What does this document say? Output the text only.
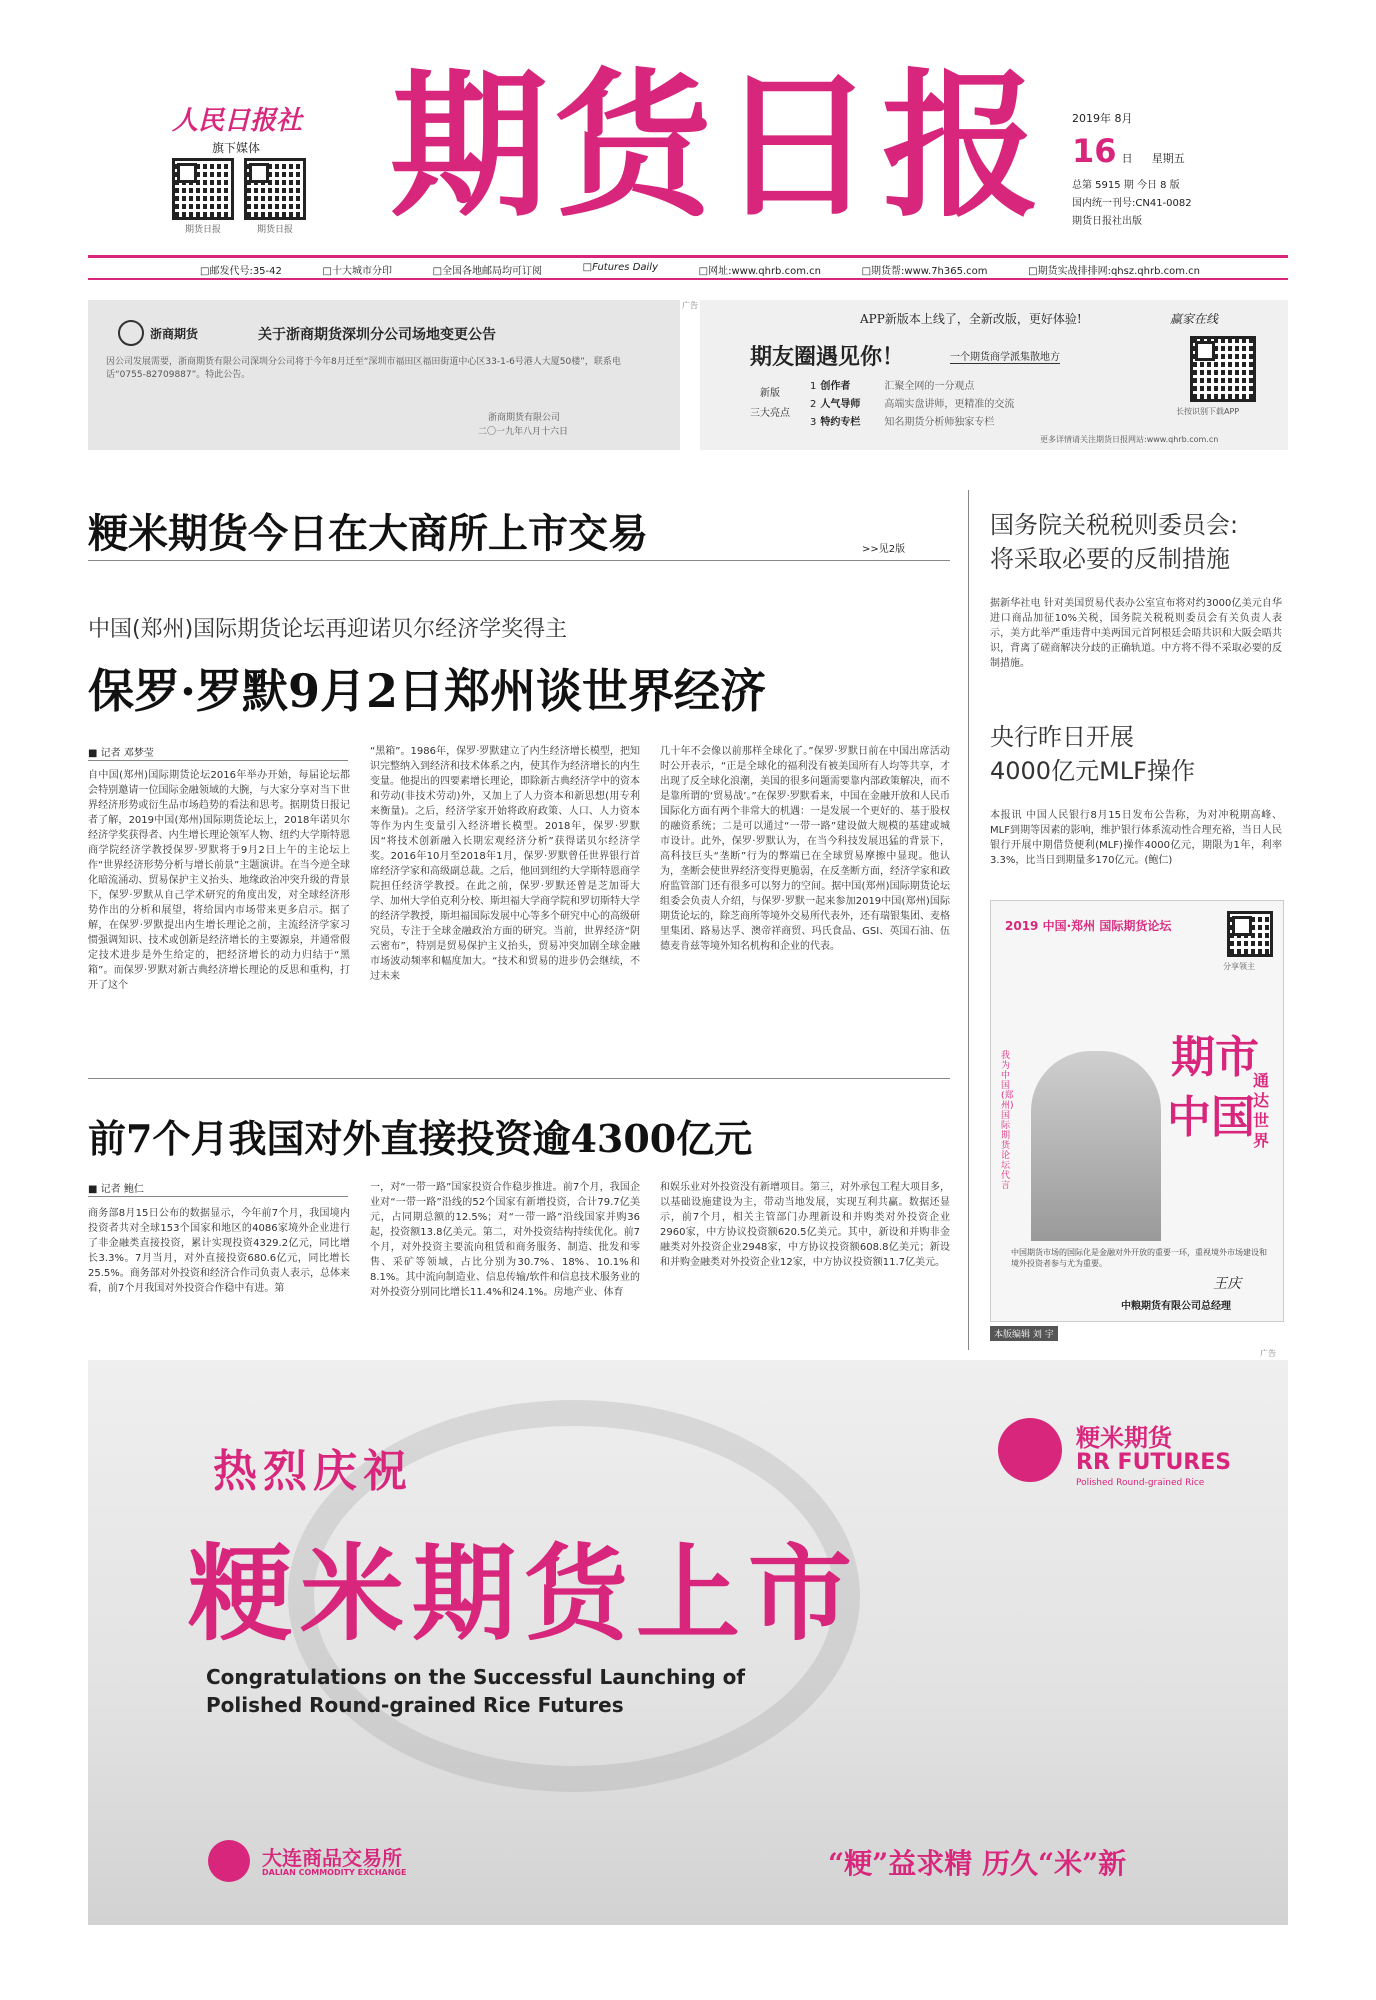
人民日报社
旗下媒体
期货日报	期货日报 期货日报 2019年 8月
16 日 星期五
总第 5915 期 今日 8 版
国内统一刊号:CN41-0082
期货日报社出版
□邮发代号:35-42	□十大城市分印	□全国各地邮局均可订阅	□Futures Daily	□网址:www.qhrb.com.cn	□期货帮:www.7h365.com	□期货实战排排网:qhsz.qhrb.com.cn
浙商期货	关于浙商期货深圳分公司场地变更公告
因公司发展需要，浙商期货有限公司深圳分公司将于今年8月迁至“深圳市福田区福田街道中心区33-1-6号港人大厦50楼”，联系电话“0755-82709887”。特此公告。
浙商期货有限公司
二〇一九年八月十六日
广告
APP新版本上线了，全新改版，更好体验!	赢家在线
期友圈遇见你！	一个期货商学派集散地方
新版
三大亮点
1 创作者	汇聚全网的一分观点
2 人气导师 高端实盘讲师，更精准的交流
3 特约专栏 知名期货分析师独家专栏
长按识别下载APP
更多详情请关注期货日报网站:www.qhrb.com.cn
粳米期货今日在大商所上市交易	>>见2版
中国(郑州)国际期货论坛再迎诺贝尔经济学奖得主
保罗·罗默9月2日郑州谈世界经济
■ 记者 邓梦莹
自中国(郑州)国际期货论坛2016年举办开始，每届论坛都会特别邀请一位国际金融领域的大腕，与大家分享对当下世界经济形势或衍生品市场趋势的看法和思考。据期货日报记者了解，2019中国(郑州)国际期货论坛上，2018年诺贝尔经济学奖获得者、内生增长理论领军人物、纽约大学斯特恩商学院经济学教授保罗·罗默将于9月2日上午的主论坛上作“世界经济形势分析与增长前景”主题演讲。在当今逆全球化暗流涌动、贸易保护主义抬头、地缘政治冲突升级的背景下，保罗·罗默从自己学术研究的角度出发，对全球经济形势作出的分析和展望，将给国内市场带来更多启示。据了解，在保罗·罗默提出内生增长理论之前，主流经济学家习惯强调知识、技术或创新是经济增长的主要源泉，并通常假定技术进步是外生给定的，把经济增长的动力归结于“黑箱”。而保罗·罗默对新古典经济增长理论的反思和重构，打开了这个
“黑箱”。1986年，保罗·罗默建立了内生经济增长模型，把知识完整纳入到经济和技术体系之内，使其作为经济增长的内生变量。他提出的四要素增长理论，即除新古典经济学中的资本和劳动(非技术劳动)外，又加上了人力资本和新思想(用专利来衡量)。之后，经济学家开始将政府政策、人口、人力资本等作为内生变量引入经济增长模型。2018年，保罗·罗默因“将技术创新融入长期宏观经济分析”获得诺贝尔经济学奖。2016年10月至2018年1月，保罗·罗默曾任世界银行首席经济学家和高级副总裁。之后，他回到纽约大学斯特恩商学院担任经济学教授。在此之前，保罗·罗默还曾是芝加哥大学、加州大学伯克利分校、斯坦福大学商学院和罗切斯特大学的经济学教授，斯坦福国际发展中心等多个研究中心的高级研究员，专注于全球金融政治方面的研究。当前，世界经济“阴云密布”，特别是贸易保护主义抬头，贸易冲突加剧全球金融市场波动频率和幅度加大。“技术和贸易的进步仍会继续，不过未来
几十年不会像以前那样全球化了。”保罗·罗默日前在中国出席活动时公开表示，“正是全球化的福利没有被美国所有人均等共享，才出现了反全球化浪潮，美国的很多问题需要靠内部政策解决，而不是靠所谓的‘贸易战’。”在保罗·罗默看来，中国在金融开放和人民币国际化方面有两个非常大的机遇：一是发展一个更好的、基于股权的融资系统；二是可以通过“一带一路”建设做大规模的基建或城市设计。此外，保罗·罗默认为，在当今科技发展迅猛的背景下，高科技巨头“垄断”行为的弊端已在全球贸易摩擦中显现。他认为，垄断会使世界经济变得更脆弱，在反垄断方面，经济学家和政府监管部门还有很多可以努力的空间。据中国(郑州)国际期货论坛组委会负责人介绍，与保罗·罗默一起来参加2019中国(郑州)国际期货论坛的，除芝商所等境外交易所代表外，还有瑞银集团、麦格里集团、路易达孚、澳帝祥商贸、玛氏食品、GSI、英国石油、伍德麦肯兹等境外知名机构和企业的代表。
前7个月我国对外直接投资逾4300亿元
■ 记者 鲍仁
商务部8月15日公布的数据显示，今年前7个月，我国境内投资者共对全球153个国家和地区的4086家境外企业进行了非金融类直接投资，累计实现投资4329.2亿元，同比增长3.3%。7月当月，对外直接投资680.6亿元，同比增长25.5%。商务部对外投资和经济合作司负责人表示，总体来看，前7个月我国对外投资合作稳中有进。第
一，对“一带一路”国家投资合作稳步推进。前7个月，我国企业对“一带一路”沿线的52个国家有新增投资，合计79.7亿美元，占同期总额的12.5%；对“一带一路”沿线国家并购36起，投资额13.8亿美元。第二，对外投资结构持续优化。前7个月，对外投资主要流向租赁和商务服务、制造、批发和零售、采矿等领域，占比分别为30.7%、18%、10.1%和8.1%。其中流向制造业、信息传输/软件和信息技术服务业的对外投资分别同比增长11.4%和24.1%。房地产业、体育
和娱乐业对外投资没有新增项目。第三，对外承包工程大项目多，以基础设施建设为主，带动当地发展，实现互利共赢。数据还显示，前7个月，相关主管部门办理新设和并购类对外投资企业2960家，中方协议投资额620.5亿美元。其中，新设和并购非金融类对外投资企业2948家，中方协议投资额608.8亿美元；新设和并购金融类对外投资企业12家，中方协议投资额11.7亿美元。
国务院关税税则委员会:
将采取必要的反制措施
据新华社电 针对美国贸易代表办公室宣布将对约3000亿美元自华进口商品加征10%关税，国务院关税税则委员会有关负责人表示，美方此举严重违背中美两国元首阿根廷会晤共识和大阪会晤共识，背离了磋商解决分歧的正确轨道。中方将不得不采取必要的反制措施。
央行昨日开展
4000亿元MLF操作
本报讯 中国人民银行8月15日发布公告称，为对冲税期高峰、MLF到期等因素的影响，维护银行体系流动性合理充裕，当日人民银行开展中期借贷便利(MLF)操作4000亿元，期限为1年，利率3.3%，比当日到期量多170亿元。(鲍仁)
2019 中国·郑州 国际期货论坛
分享领主
我为中国(郑州)国际期货论坛代言
期市
中国
通达世界
中国期货市场的国际化是金融对外开放的重要一环，重视境外市场建设和境外投资者参与尤为重要。
王庆
中粮期货有限公司总经理
本版编辑 刘 宇
广告
热烈庆祝
粳米期货上市
Congratulations on the Successful Launching of
Polished Round-grained Rice Futures
粳米期货
RR FUTURES
Polished Round-grained Rice
大连商品交易所
DALIAN COMMODITY EXCHANGE	“粳”益求精 历久“米”新
